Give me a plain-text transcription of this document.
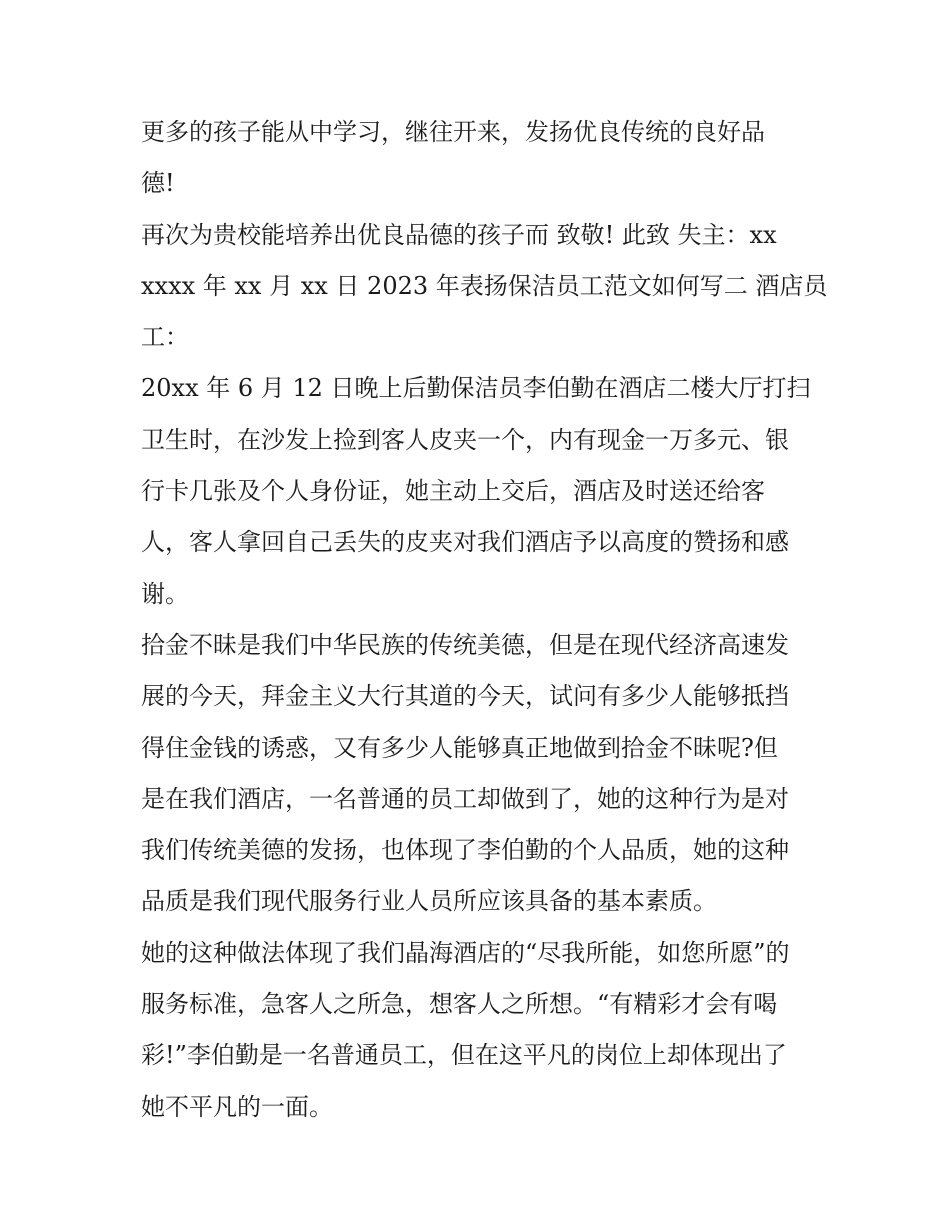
更多的孩子能从中学习，继往开来，发扬优良传统的良好品
德!
再次为贵校能培养出优良品德的孩子而 致敬! 此致 失主：xx
xxxx 年 xx 月 xx 日 2023 年表扬保洁员工范文如何写二 酒店员
工：
20xx 年 6 月 12 日晚上后勤保洁员李伯勤在酒店二楼大厅打扫
卫生时，在沙发上捡到客人皮夹一个，内有现金一万多元、银
行卡几张及个人身份证，她主动上交后，酒店及时送还给客
人，客人拿回自己丢失的皮夹对我们酒店予以高度的赞扬和感
谢。
拾金不昧是我们中华民族的传统美德，但是在现代经济高速发
展的今天，拜金主义大行其道的今天，试问有多少人能够抵挡
得住金钱的诱惑，又有多少人能够真正地做到拾金不昧呢?但
是在我们酒店，一名普通的员工却做到了，她的这种行为是对
我们传统美德的发扬，也体现了李伯勤的个人品质，她的这种
品质是我们现代服务行业人员所应该具备的基本素质。
她的这种做法体现了我们晶海酒店的“尽我所能，如您所愿”的
服务标准，急客人之所急，想客人之所想。“有精彩才会有喝
彩!”李伯勤是一名普通员工，但在这平凡的岗位上却体现出了
她不平凡的一面。
